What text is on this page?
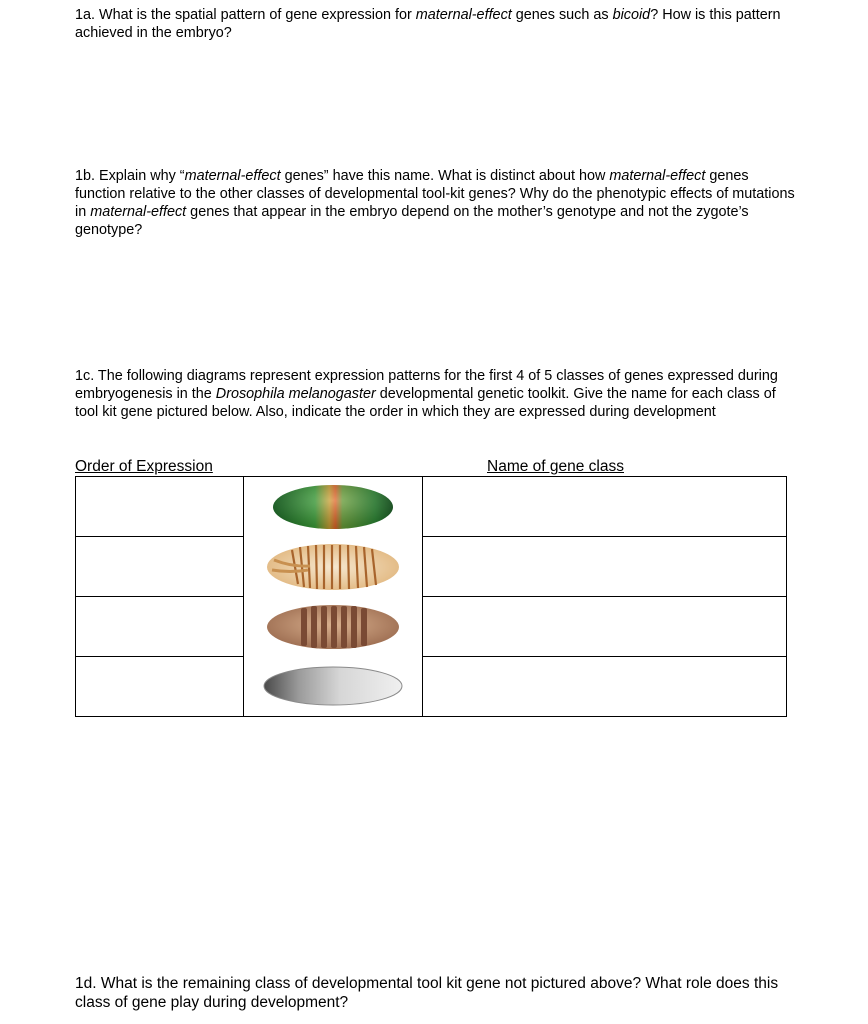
1a. What is the spatial pattern of gene expression for maternal-effect genes such as bicoid? How is this pattern achieved in the embryo?

1b. Explain why “maternal-effect genes” have this name. What is distinct about how maternal-effect genes function relative to the other classes of developmental tool-kit genes? Why do the phenotypic effects of mutations in maternal-effect genes that appear in the embryo depend on the mother’s genotype and not the zygote’s genotype?

1c. The following diagrams represent expression patterns for the first 4 of 5 classes of genes expressed during embryogenesis in the Drosophila melanogaster developmental genetic toolkit. Give the name for each class of tool kit gene pictured below. Also, indicate the order in which they are expressed during development

Order of Expression	Name of gene class

1d. What is the remaining class of developmental tool kit gene not pictured above? What role does this class of gene play during development?
